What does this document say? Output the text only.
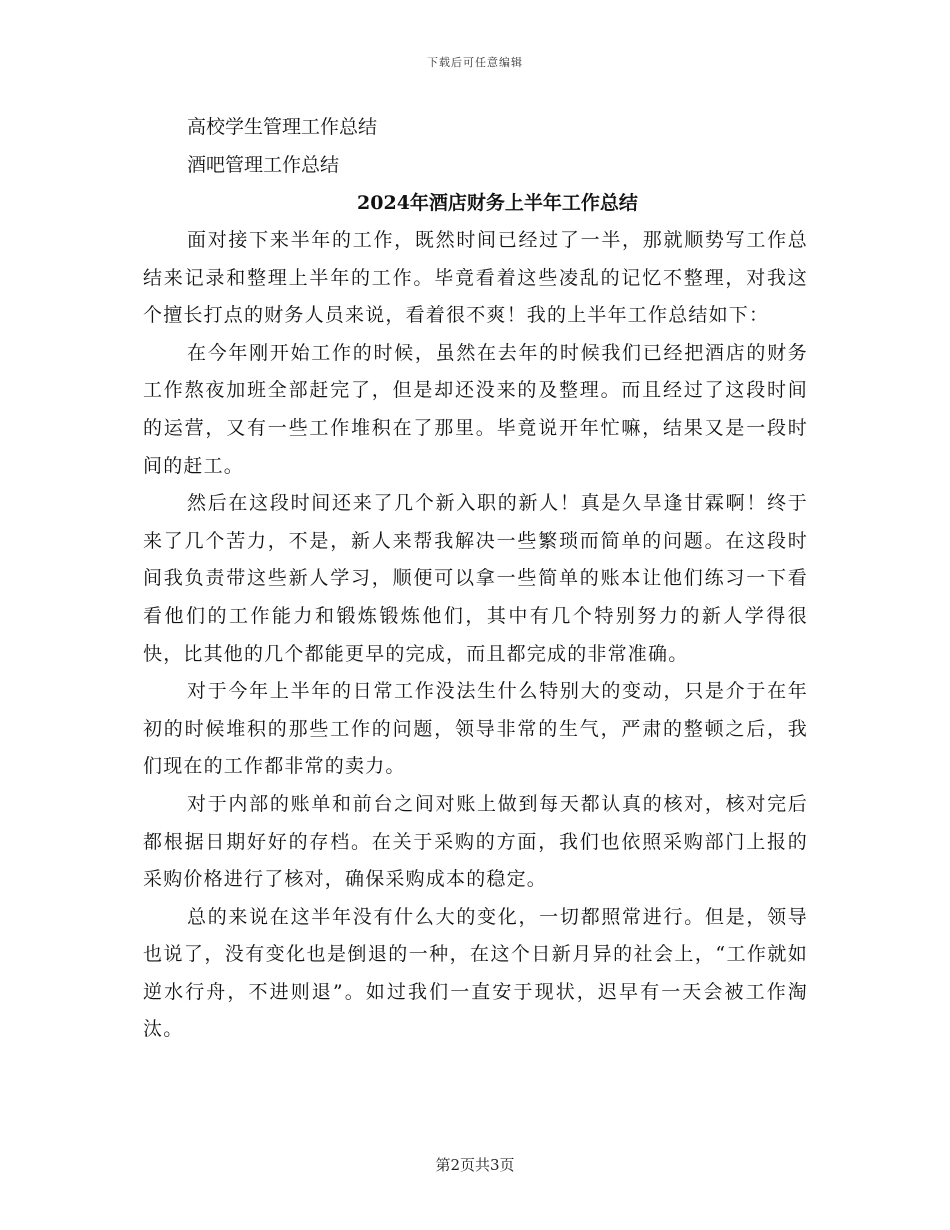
下载后可任意编辑
高校学生管理工作总结
酒吧管理工作总结
2024年酒店财务上半年工作总结

面对接下来半年的工作，既然时间已经过了一半，那就顺势写工作总结来记录和整理上半年的工作。毕竟看着这些凌乱的记忆不整理，对我这个擅长打点的财务人员来说，看着很不爽！我的上半年工作总结如下：

在今年刚开始工作的时候，虽然在去年的时候我们已经把酒店的财务工作熬夜加班全部赶完了，但是却还没来的及整理。而且经过了这段时间的运营，又有一些工作堆积在了那里。毕竟说开年忙嘛，结果又是一段时间的赶工。

然后在这段时间还来了几个新入职的新人！真是久旱逢甘霖啊！终于来了几个苦力，不是，新人来帮我解决一些繁琐而简单的问题。在这段时间我负责带这些新人学习，顺便可以拿一些简单的账本让他们练习一下看看他们的工作能力和锻炼锻炼他们，其中有几个特别努力的新人学得很快，比其他的几个都能更早的完成，而且都完成的非常准确。

对于今年上半年的日常工作没法生什么特别大的变动，只是介于在年初的时候堆积的那些工作的问题，领导非常的生气，严肃的整顿之后，我们现在的工作都非常的卖力。

对于内部的账单和前台之间对账上做到每天都认真的核对，核对完后都根据日期好好的存档。在关于采购的方面，我们也依照采购部门上报的采购价格进行了核对，确保采购成本的稳定。

总的来说在这半年没有什么大的变化，一切都照常进行。但是，领导也说了，没有变化也是倒退的一种，在这个日新月异的社会上，“工作就如逆水行舟，不进则退”。如过我们一直安于现状，迟早有一天会被工作淘汰。

第2页共3页
